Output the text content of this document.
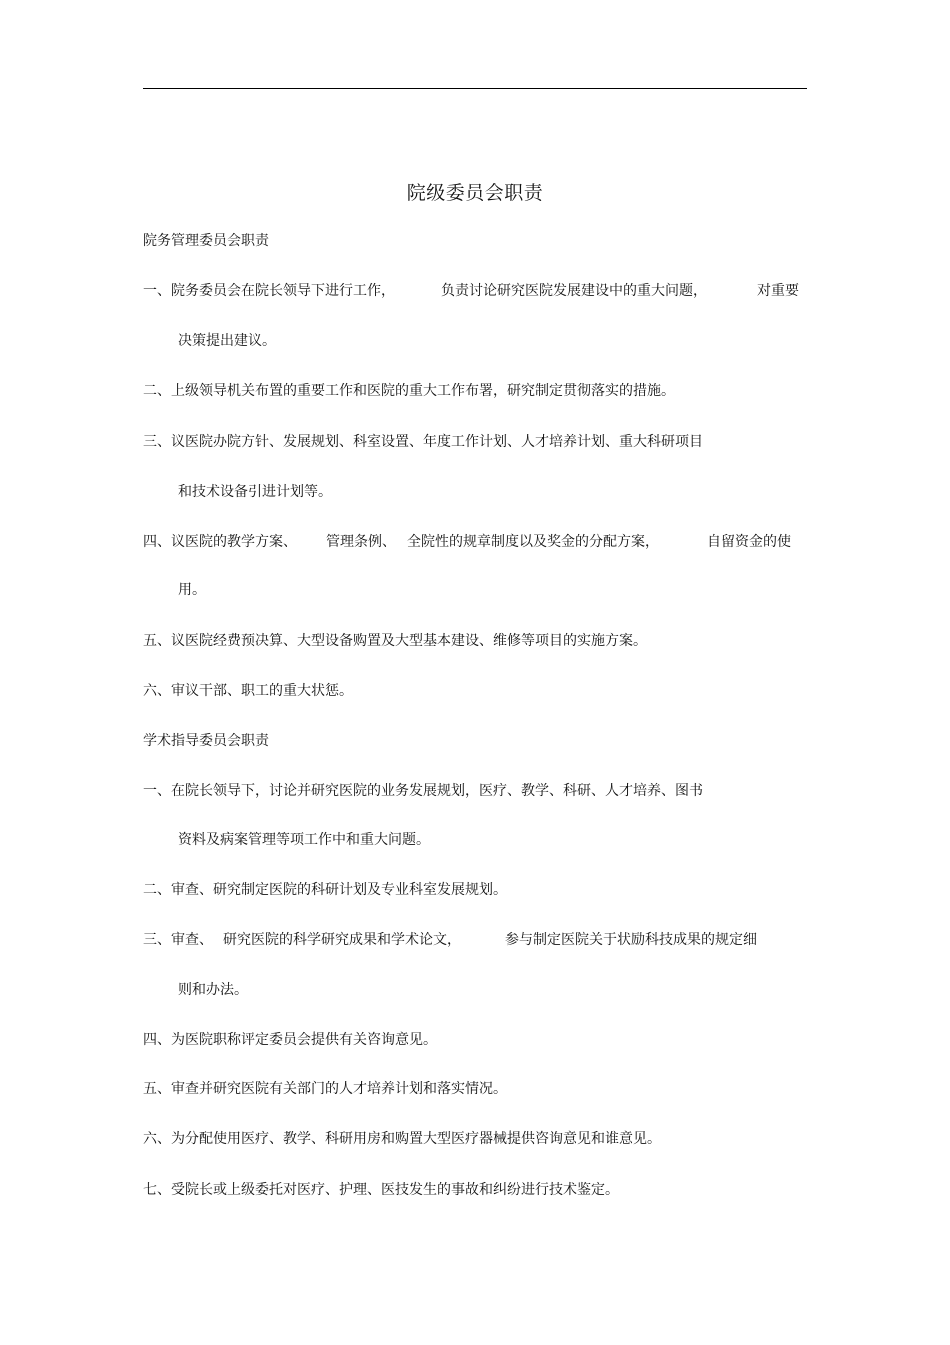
院级委员会职责
院务管理委员会职责
一、院务委员会在院长领导下进行工作，	负责讨论研究医院发展建设中的重大问题，	对重要
决策提出建议。
二、上级领导机关布置的重要工作和医院的重大工作布署，研究制定贯彻落实的措施。
三、议医院办院方针、发展规划、科室设置、年度工作计划、人才培养计划、重大科研项目
和技术设备引进计划等。
四、议医院的教学方案、 管理条例、 全院性的规章制度以及奖金的分配方案，	自留资金的使
用。
五、议医院经费预决算、大型设备购置及大型基本建设、维修等项目的实施方案。
六、审议干部、职工的重大状惩。
学术指导委员会职责
一、在院长领导下，讨论并研究医院的业务发展规划，医疗、教学、科研、人才培养、图书
资料及病案管理等项工作中和重大问题。
二、审查、研究制定医院的科研计划及专业科室发展规划。
三、审查、 研究医院的科学研究成果和学术论文，	参与制定医院关于状励科技成果的规定细
则和办法。
四、为医院职称评定委员会提供有关咨询意见。
五、审查并研究医院有关部门的人才培养计划和落实情况。
六、为分配使用医疗、教学、科研用房和购置大型医疗器械提供咨询意见和谁意见。
七、受院长或上级委托对医疗、护理、医技发生的事故和纠纷进行技术鉴定。
